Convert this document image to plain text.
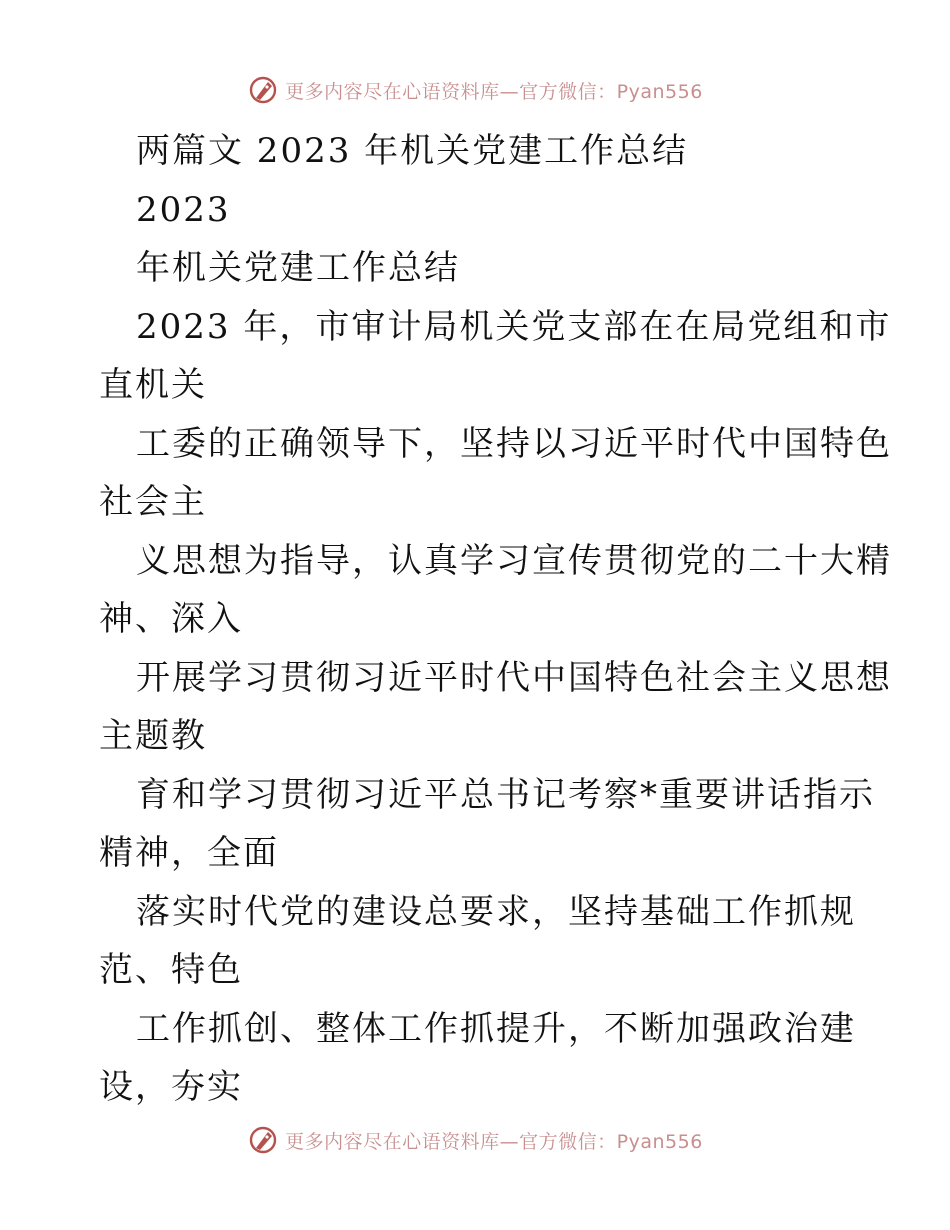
更多内容尽在心语资料库—官方微信：Pyan556
两篇文 2023 年机关党建工作总结
2023
年机关党建工作总结
2023 年，市审计局机关党支部在在局党组和市
直机关
工委的正确领导下，坚持以习近平时代中国特色
社会主
义思想为指导，认真学习宣传贯彻党的二十大精
神、深入
开展学习贯彻习近平时代中国特色社会主义思想
主题教
育和学习贯彻习近平总书记考察*重要讲话指示
精神，全面
落实时代党的建设总要求，坚持基础工作抓规
范、特色
工作抓创、整体工作抓提升，不断加强政治建
设，夯实
更多内容尽在心语资料库—官方微信：Pyan556
